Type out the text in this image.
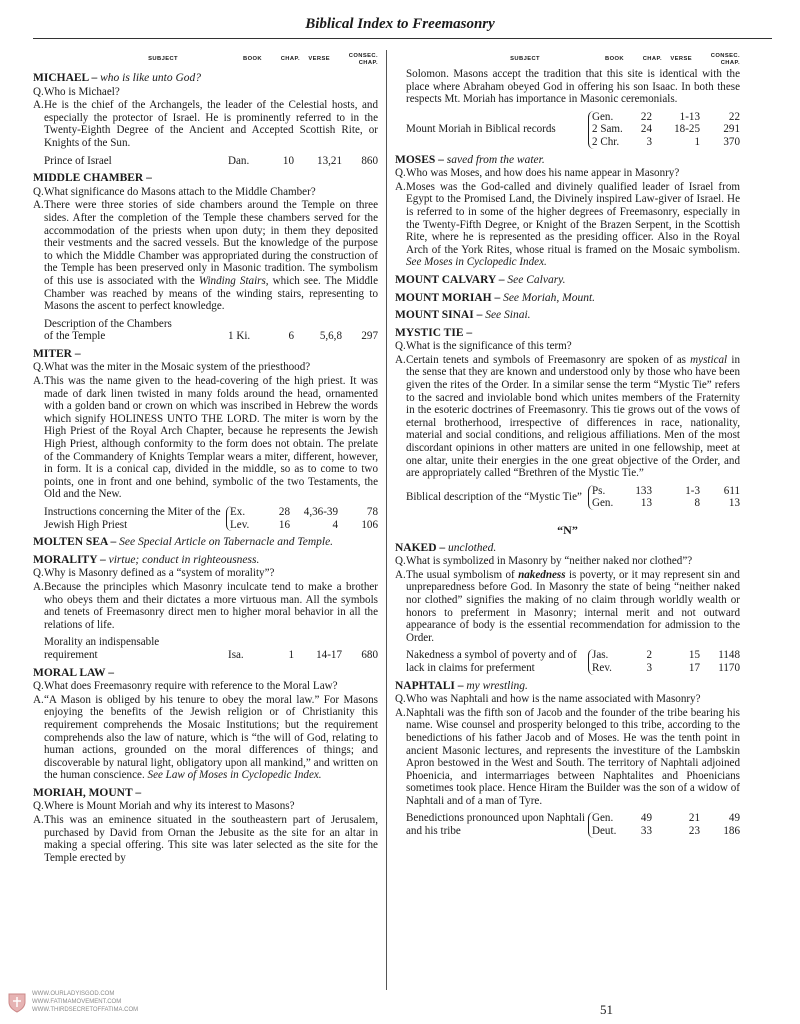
Biblical Index to Freemasonry
SUBJECT	BOOK	CHAP.	VERSE	CONSEC.
CHAP.
MICHAEL – who is like unto God?
Q. Who is Michael?
A. He is the chief of the Archangels, the leader of the Celestial hosts, and especially the protector of Israel. He is prominently referred to in the Twenty-Eighth Degree of the Ancient and Accepted Scottish Rite, or Knights of the Sun.
Prince of Israel	Dan.	10	13,21	860
MIDDLE CHAMBER –
Q. What significance do Masons attach to the Middle Chamber?
A. There were three stories of side chambers around the Temple on three sides. After the completion of the Temple these chambers served for the accommodation of the priests when upon duty; in them they deposited their vestments and the sacred vessels. But the knowledge of the purpose to which the Middle Chamber was appropriated during the construction of the Temple has been preserved only in Masonic tradition. The symbolism of this use is associated with the Winding Stairs, which see. The Middle Chamber was reached by means of the winding stairs, representing to Masons the ascent to perfect knowledge.
Description of the Chambers
of the Temple	1 Ki.	6	5,6,8	297
MITER –
Q. What was the miter in the Mosaic system of the priesthood?
A. This was the name given to the head-covering of the high priest. It was made of dark linen twisted in many folds around the head, ornamented with a golden band or crown on which was inscribed in Hebrew the words which signify HOLINESS UNTO THE LORD. The miter is worn by the High Priest of the Royal Arch Chapter, because he represents the Jewish High Priest, although conformity to the form does not obtain. The prelate of the Commandery of Knights Templar wears a miter, different, however, in form. It is a conical cap, divided in the middle, so as to come to two points, one in front and one behind, symbolic of the two Testaments, the Old and the New.
Instructions concerning the Miter of the Jewish High Priest
Ex.	28	4,36-39	78
Lev.	16	4	106
MOLTEN SEA – See Special Article on Tabernacle and Temple.
MORALITY – virtue; conduct in righteousness.
Q. Why is Masonry defined as a “system of morality”?
A. Because the principles which Masonry inculcate tend to make a brother who obeys them and their dictates a more virtuous man. All the symbols and tenets of Freemasonry direct men to higher moral behavior in all the relations of life.
Morality an indispensable
requirement	Isa.	1	14-17	680
MORAL LAW –
Q. What does Freemasonry require with reference to the Moral Law?
A. “A Mason is obliged by his tenure to obey the moral law.” For Masons enjoying the benefits of the Jewish religion or of Christianity this requirement comprehends the Mosaic Institutions; but the requirement comprehends also the law of nature, which is “the will of God, relating to human actions, grounded on the moral differences of things; and discoverable by natural light, obligatory upon all mankind,” and written on the human conscience. See Law of Moses in Cyclopedic Index.
MORIAH, MOUNT –
Q. Where is Mount Moriah and why its interest to Masons?
A. This was an eminence situated in the southeastern part of Jerusalem, purchased by David from Ornan the Jebusite as the site for an altar in making a special offering. This site was later selected as the site for the Temple erected by
SUBJECT	BOOK	CHAP.	VERSE	CONSEC.
CHAP.
Solomon. Masons accept the tradition that this site is identical with the place where Abraham obeyed God in offering his son Isaac. In both these respects Mt. Moriah has importance in Masonic ceremonials.
Mount Moriah in Biblical records
Gen.	22	1-13	22
2 Sam.	24	18-25	291
2 Chr.	3	1	370
MOSES – saved from the water.
Q. Who was Moses, and how does his name appear in Masonry?
A. Moses was the God-called and divinely qualified leader of Israel from Egypt to the Promised Land, the Divinely inspired Law-giver of Israel. He is referred to in some of the higher degrees of Freemasonry, especially in the Twenty-Fifth Degree, or Knight of the Brazen Serpent, in the Scottish Rite, where he is represented as the presiding officer. Also in the Royal Arch of the York Rites, whose ritual is framed on the Mosaic symbolism. See Moses in Cyclopedic Index.
MOUNT CALVARY – See Calvary.
MOUNT MORIAH – See Moriah, Mount.
MOUNT SINAI – See Sinai.
MYSTIC TIE –
Q. What is the significance of this term?
A. Certain tenets and symbols of Freemasonry are spoken of as mystical in the sense that they are known and understood only by those who have been given the rites of the Order. In a similar sense the term “Mystic Tie” refers to the sacred and inviolable bond which unites members of the Fraternity in the esoteric doctrines of Freemasonry. This tie grows out of the vows of eternal brotherhood, irrespective of differences in race, nationality, material and social conditions, and religious affiliations. Men of the most discordant opinions in other matters are united in one fellowship, meet at one altar, unite their energies in the one great objective of the Order, and are appropriately called “Brethren of the Mystic Tie.”
Biblical description of the “Mystic Tie”
Ps.	133	1-3	611
Gen.	13	8	13
“N”
NAKED – unclothed.
Q. What is symbolized in Masonry by “neither naked nor clothed”?
A. The usual symbolism of nakedness is poverty, or it may represent sin and unpreparedness before God. In Masonry the state of being “neither naked nor clothed” signifies the making of no claim through worldly wealth or honors to preferment in Masonry; internal merit and not outward appearance of body is the essential recommendation for admission to the Order.
Nakedness a symbol of poverty and of lack in claims for preferment
Jas.	2	15	1148
Rev.	3	17	1170
NAPHTALI – my wrestling.
Q. Who was Naphtali and how is the name associated with Masonry?
A. Naphtali was the fifth son of Jacob and the founder of the tribe bearing his name. Wise counsel and prosperity belonged to this tribe, according to the benedictions of his father Jacob and of Moses. He was the tenth point in ancient Masonic lectures, and represents the investiture of the Lambskin Apron bestowed in the West and South. The territory of Naphtali adjoined Phoenicia, and intermarriages between Naphtalites and Phoenicians sometimes took place. Hence Hiram the Builder was the son of a widow of Naphtali and of a man of Tyre.
Benedictions pronounced upon Naphtali and his tribe
Gen.	49	21	49
Deut.	33	23	186
51
WWW.OURLADYISGOD.COM
WWW.FATIMAMOVEMENT.COM
WWW.THIRDSECRETOFFATIMA.COM
